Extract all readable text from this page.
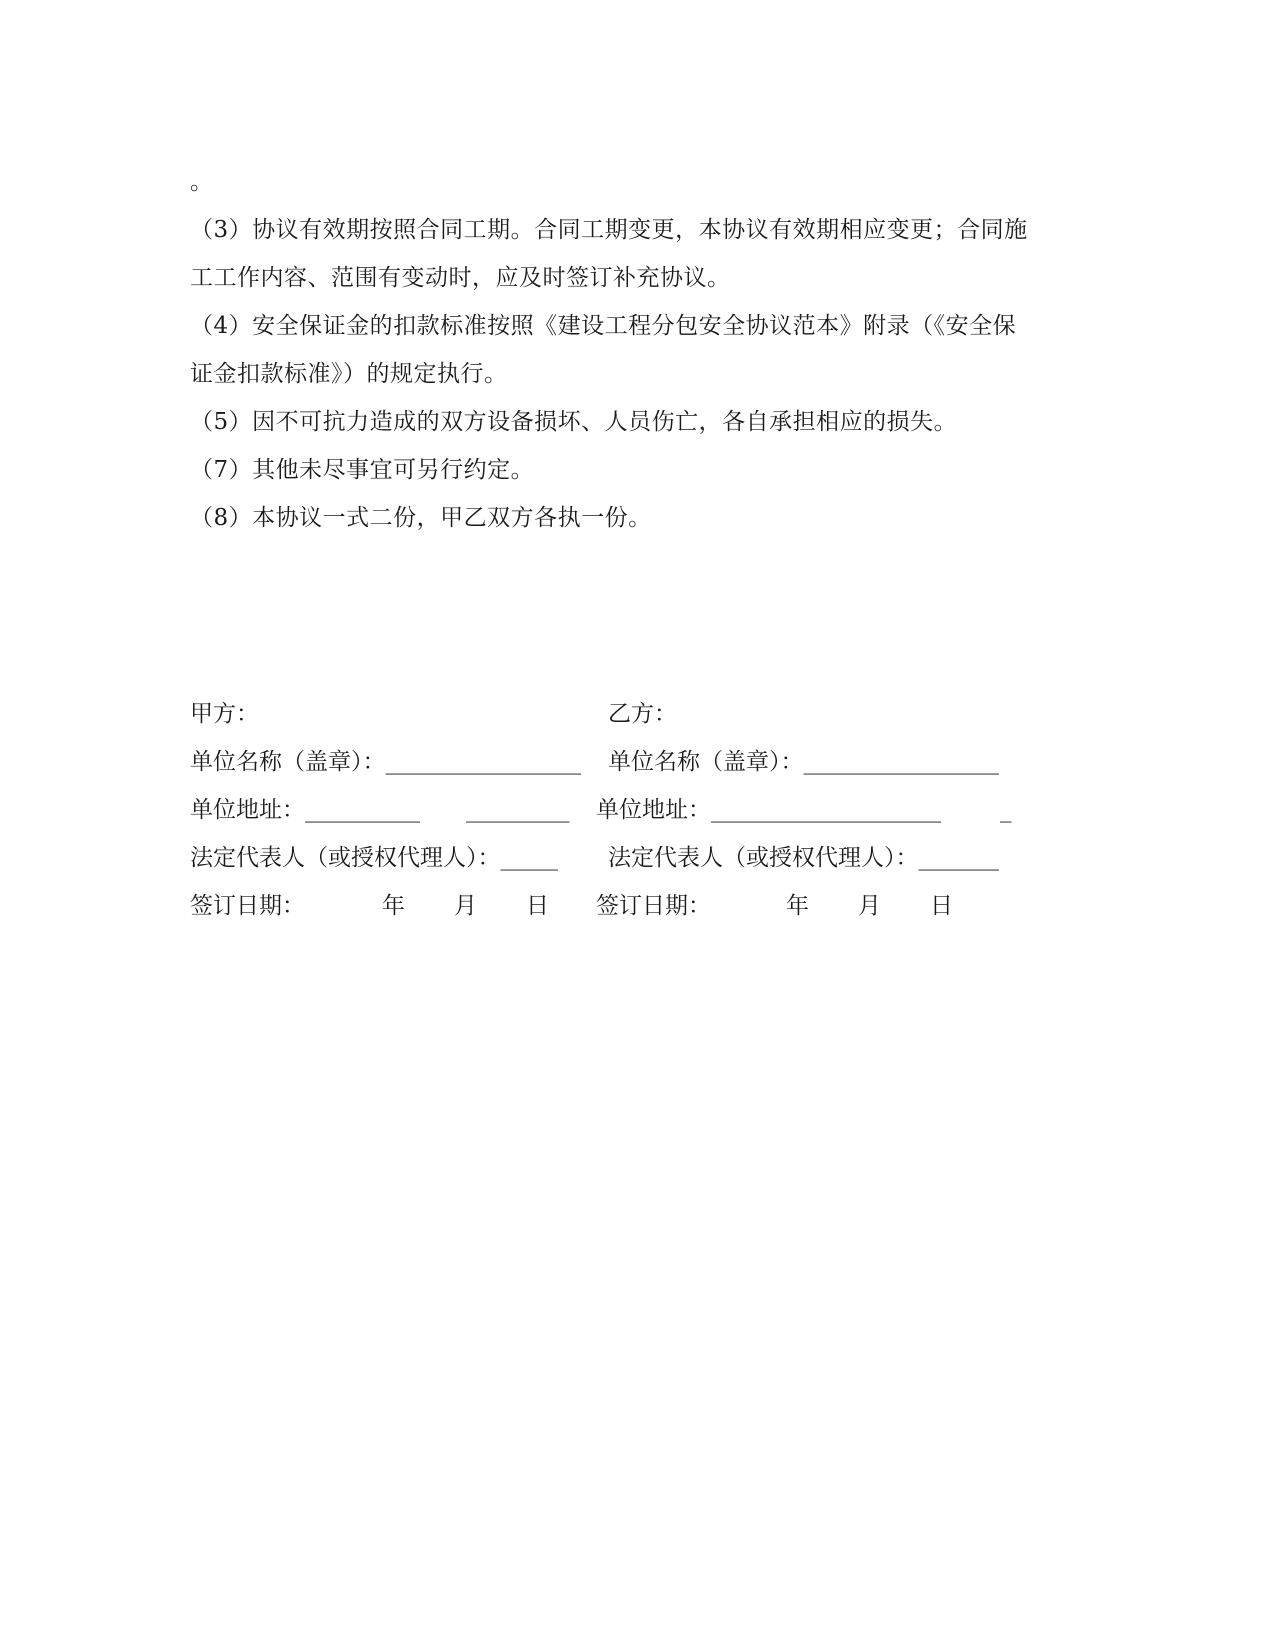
。

（3）协议有效期按照合同工期。合同工期变更，本协议有效期相应变更；合同施

工工作内容、范围有变动时，应及时签订补充协议。

（4）安全保证金的扣款标准按照《建设工程分包安全协议范本》附录（《安全保

证金扣款标准》）的规定执行。

（5）因不可抗力造成的双方设备损坏、人员伤亡，各自承担相应的损失。

（7）其他未尽事宜可另行约定。

（8）本协议一式二份，甲乙双方各执一份。

甲方：	乙方：
单位名称（盖章）：_________________ 单位名称（盖章）：_________________
单位地址：__________ _________ 单位地址：____________________	_
法定代表人（或授权代理人）：_____ 法定代表人（或授权代理人）：_______
签订日期：	年 月 日 签订日期：	年 月 日
